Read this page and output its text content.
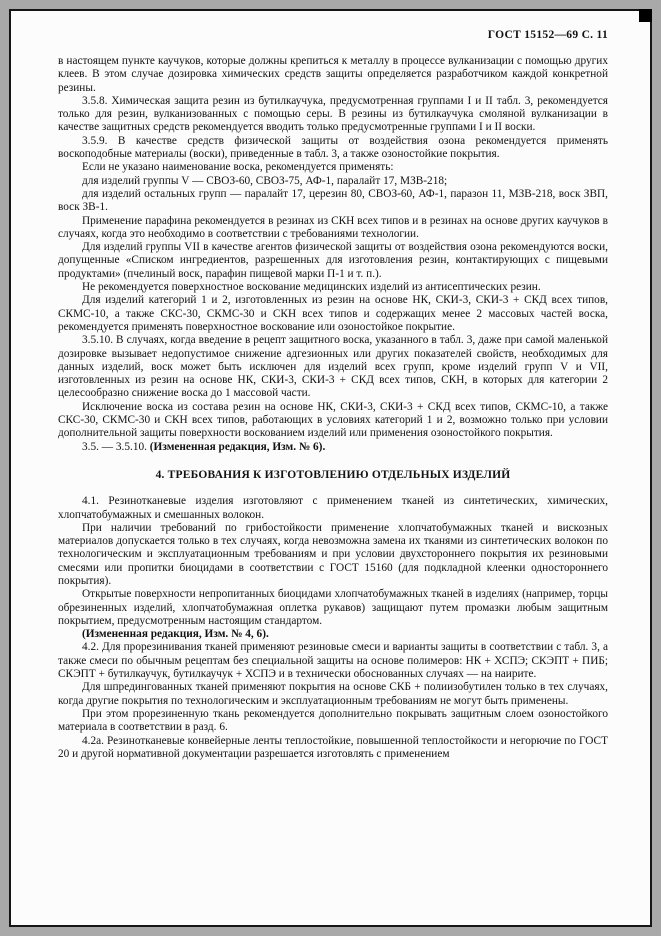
ГОСТ 15152—69 С. 11

в настоящем пункте каучуков, которые должны крепиться к металлу в процессе вулканизации с помощью других клеев. В этом случае дозировка химических средств защиты определяется разработчиком каждой конкретной резины.

3.5.8. Химическая защита резин из бутилкаучука, предусмотренная группами I и II табл. 3, рекомендуется только для резин, вулканизованных с помощью серы. В резины из бутилкаучука смоляной вулканизации в качестве защитных средств рекомендуется вводить только предусмотренные группами I и II воски.

3.5.9. В качестве средств физической защиты от воздействия озона рекомендуется применять воскоподобные материалы (воски), приведенные в табл. 3, а также озоностойкие покрытия.

Если не указано наименование воска, рекомендуется применять:

для изделий группы V — СВОЗ-60, СВОЗ-75, АФ-1, паралайт 17, МЗВ-218;

для изделий остальных групп — паралайт 17, церезин 80, СВОЗ-60, АФ-1, паразон 11, МЗВ-218, воск ЗВП, воск ЗВ-1.

Применение парафина рекомендуется в резинах из СКН всех типов и в резинах на основе других каучуков в случаях, когда это необходимо в соответствии с требованиями технологии.

Для изделий группы VII в качестве агентов физической защиты от воздействия озона рекомендуются воски, допущенные «Списком ингредиентов, разрешенных для изготовления резин, контактирующих с пищевыми продуктами» (пчелиный воск, парафин пищевой марки П-1 и т. п.).

Не рекомендуется поверхностное воскование медицинских изделий из антисептических резин.

Для изделий категорий 1 и 2, изготовленных из резин на основе НК, СКИ-3, СКИ-3 + СКД всех типов, СКМС-10, а также СКС-30, СКМС-30 и СКН всех типов и содержащих менее 2 массовых частей воска, рекомендуется применять поверхностное воскование или озоностойкое покрытие.

3.5.10. В случаях, когда введение в рецепт защитного воска, указанного в табл. 3, даже при самой маленькой дозировке вызывает недопустимое снижение адгезионных или других показателей свойств, необходимых для данных изделий, воск может быть исключен для изделий всех групп, кроме изделий групп V и VII, изготовленных из резин на основе НК, СКИ-3, СКИ-3 + СКД всех типов, СКН, в которых для категории 2 целесообразно снижение воска до 1 массовой части.

Исключение воска из состава резин на основе НК, СКИ-3, СКИ-3 + СКД всех типов, СКМС-10, а также СКС-30, СКМС-30 и СКН всех типов, работающих в условиях категорий 1 и 2, возможно только при условии дополнительной защиты поверхности воскованием изделий или применения озоностойкого покрытия.

3.5. — 3.5.10. (Измененная редакция, Изм. № 6).

4. ТРЕБОВАНИЯ К ИЗГОТОВЛЕНИЮ ОТДЕЛЬНЫХ ИЗДЕЛИЙ

4.1. Резинотканевые изделия изготовляют с применением тканей из синтетических, химических, хлопчатобумажных и смешанных волокон.

При наличии требований по грибостойкости применение хлопчатобумажных тканей и вискозных материалов допускается только в тех случаях, когда невозможна замена их тканями из синтетических волокон по технологическим и эксплуатационным требованиям и при условии двухстороннего покрытия их резиновыми смесями или пропитки биоцидами в соответствии с ГОСТ 15160 (для подкладной клеенки одностороннего покрытия).

Открытые поверхности непропитанных биоцидами хлопчатобумажных тканей в изделиях (например, торцы обрезиненных изделий, хлопчатобумажная оплетка рукавов) защищают путем промазки любым защитным покрытием, предусмотренным настоящим стандартом.

(Измененная редакция, Изм. № 4, 6).

4.2. Для прорезинивания тканей применяют резиновые смеси и варианты защиты в соответствии с табл. 3, а также смеси по обычным рецептам без специальной защиты на основе полимеров: НК + ХСПЭ; СКЭПТ + ПИБ; СКЭПТ + бутилкаучук, бутилкаучук + ХСПЭ и в технически обоснованных случаях — на наирите.

Для шпредингованных тканей применяют покрытия на основе СКБ + полиизобутилен только в тех случаях, когда другие покрытия по технологическим и эксплуатационным требованиям не могут быть применены.

При этом прорезиненную ткань рекомендуется дополнительно покрывать защитным слоем озоностойкого материала в соответствии в разд. 6.

4.2а. Резинотканевые конвейерные ленты теплостойкие, повышенной теплостойкости и негорючие по ГОСТ 20 и другой нормативной документации разрешается изготовлять с применением
